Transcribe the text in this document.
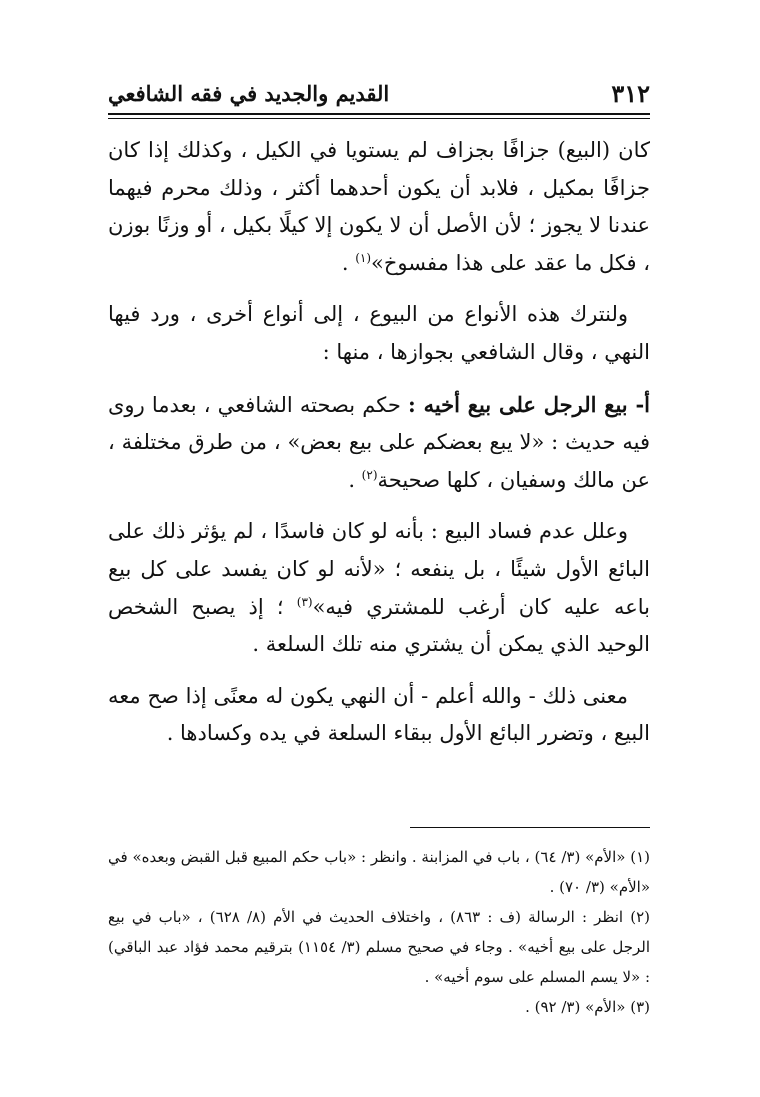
٣١٢
القديم والجديد في فقه الشافعي

كان (البيع) جزافًا بجزاف لم يستويا في الكيل ، وكذلك إذا كان جزافًا بمكيل ، فلابد أن يكون أحدهما أكثر ، وذلك محرم فيهما عندنا لا يجوز ؛ لأن الأصل أن لا يكون إلا كيلًا بكيل ، أو وزنًا بوزن ، فكل ما عقد على هذا مفسوخ»$^{(١)}$ .

ولنترك هذه الأنواع من البيوع ، إلى أنواع أخرى ، ورد فيها النهي ، وقال الشافعي بجوازها ، منها :

أ- بيع الرجل على بيع أخيه : حكم بصحته الشافعي ، بعدما روى فيه حديث : «لا يبع بعضكم على بيع بعض» ، من طرق مختلفة ، عن مالك وسفيان ، كلها صحيحة$^{(٢)}$ .

وعلل عدم فساد البيع : بأنه لو كان فاسدًا ، لم يؤثر ذلك على البائع الأول شيئًا ، بل ينفعه ؛ «لأنه لو كان يفسد على كل بيع باعه عليه كان أرغب للمشتري فيه»$^{(٣)}$ ؛ إذ يصبح الشخص الوحيد الذي يمكن أن يشتري منه تلك السلعة .

معنى ذلك - والله أعلم - أن النهي يكون له معنًى إذا صح معه البيع ، وتضرر البائع الأول ببقاء السلعة في يده وكسادها .

(١) «الأم» (٣/ ٦٤) ، باب في المزابنة . وانظر : «باب حكم المبيع قبل القبض وبعده» في «الأم» (٣/ ٧٠) .

(٢) انظر : الرسالة (ف : ٨٦٣) ، واختلاف الحديث في الأم (٨/ ٦٢٨) ، «باب في بيع الرجل على بيع أخيه» . وجاء في صحيح مسلم (٣/ ١١٥٤) بترقيم محمد فؤاد عبد الباقي) : «لا يسم المسلم على سوم أخيه» .

(٣) «الأم» (٣/ ٩٢) .
